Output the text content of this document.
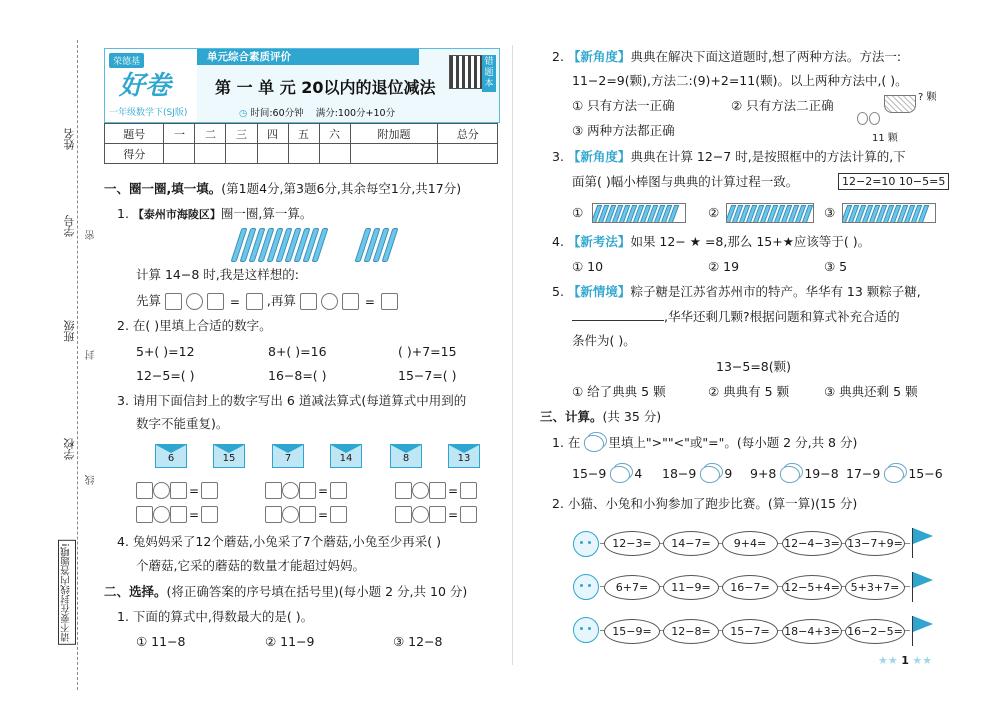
姓名
学号
班级
学校
密
封
线
请不要在封线内答题哦!
荣德基
好卷
一年级数学下(SJ版)
单元综合素质评价
第 一 单 元 20以内的退位减法
◷ 时间:60分钟 满分:100分+10分
错题本
题号	一	二	三	四	五	六	附加题	总分
得分								
一、圈一圈,填一填。(第1题4分,第3题6分,其余每空1分,共17分)
1. 【泰州市海陵区】圈一圈,算一算。
计算 14−8 时,我是这样想的:
先算	= ,再算	=
2. 在( )里填上合适的数字。
5+( )=12	8+( )=16	( )+7=15
12−5=( )	16−8=( )	15−7=( )
3. 请用下面信封上的数字写出 6 道减法算式(每道算式中用到的
数字不能重复)。
6	15	7	14	8	13
=	=	=
=	=	=
4. 兔妈妈采了12个蘑菇,小兔采了7个蘑菇,小兔至少再采( )
个蘑菇,它采的蘑菇的数量才能超过妈妈。
二、选择。(将正确答案的序号填在括号里)(每小题 2 分,共 10 分)
1. 下面的算式中,得数最大的是( )。
① 11−8	② 11−9	③ 12−8
2. 【新角度】典典在解决下面这道题时,想了两种方法。方法一:
11−2=9(颗),方法二:(9)+2=11(颗)。以上两种方法中,( )。
① 只有方法一正确	② 只有方法二正确
③ 两种方法都正确
? 颗
11 颗
3. 【新角度】典典在计算 12−7 时,是按照框中的方法计算的,下
面第( )幅小棒图与典典的计算过程一致。	12−2=10 10−5=5
①	②	③
4. 【新考法】如果 12− ★ =8,那么 15+★应该等于( )。
① 10	② 19	③ 5
5. 【新情境】粽子糖是江苏省苏州市的特产。华华有 13 颗粽子糖,
,华华还剩几颗?根据问题和算式补充合适的
条件为( )。
13−5=8(颗)
① 给了典典 5 颗	② 典典有 5 颗	③ 典典还剩 5 颗
三、计算。(共 35 分)
1. 在 里填上">""<"或"="。(每小题 2 分,共 8 分)
15−9 4 18−9 9 9+8 19−8 17−9 15−6
2. 小猫、小兔和小狗参加了跑步比赛。(算一算)(15 分)
12−3=	14−7=	9+4=	12−4−3= 13−7+9=
6+7=	11−9=	16−7=	12−5+4= 5+3+7=
15−9=	12−8=	15−7=	18−4+3= 16−2−5=
★★ 1 ★★
